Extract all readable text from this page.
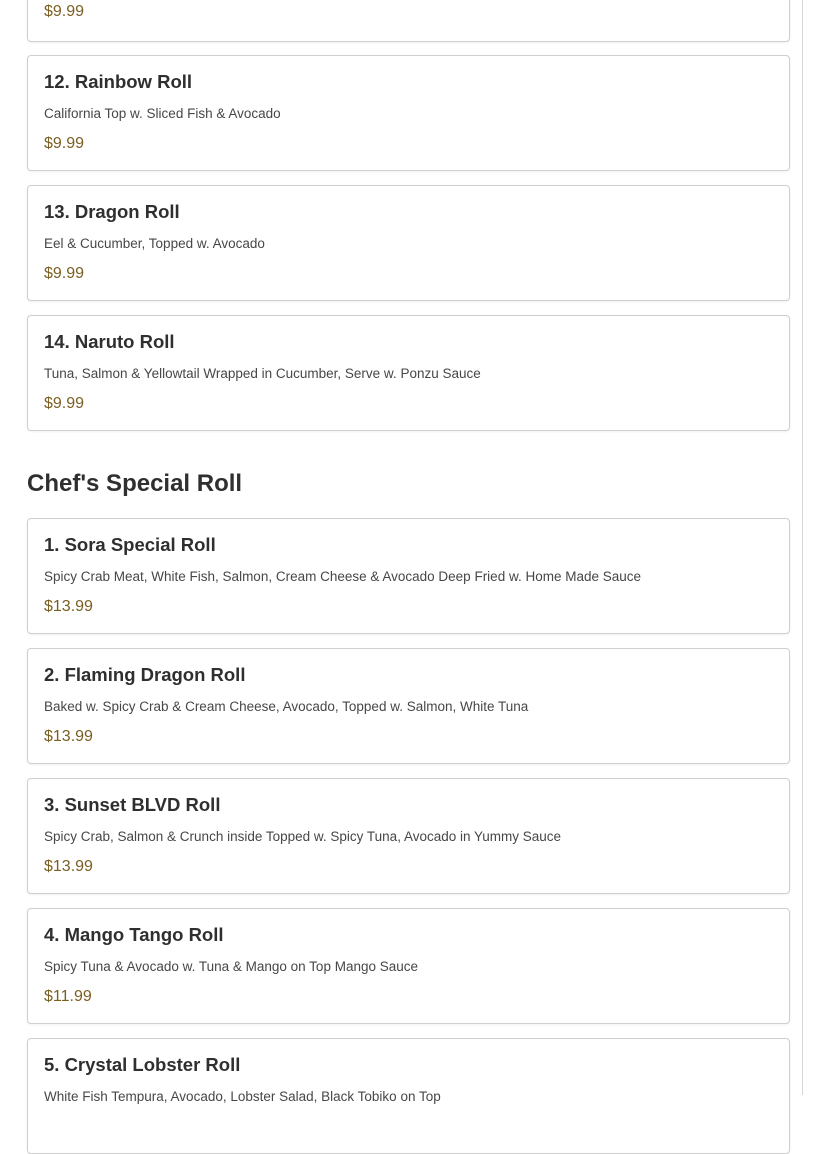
$9.99
12. Rainbow Roll
California Top w. Sliced Fish & Avocado
$9.99
13. Dragon Roll
Eel & Cucumber, Topped w. Avocado
$9.99
14. Naruto Roll
Tuna, Salmon & Yellowtail Wrapped in Cucumber, Serve w. Ponzu Sauce
$9.99
Chef's Special Roll
1. Sora Special Roll
Spicy Crab Meat, White Fish, Salmon, Cream Cheese & Avocado Deep Fried w. Home Made Sauce
$13.99
2. Flaming Dragon Roll
Baked w. Spicy Crab & Cream Cheese, Avocado, Topped w. Salmon, White Tuna
$13.99
3. Sunset BLVD Roll
Spicy Crab, Salmon & Crunch inside Topped w. Spicy Tuna, Avocado in Yummy Sauce
$13.99
4. Mango Tango Roll
Spicy Tuna & Avocado w. Tuna & Mango on Top Mango Sauce
$11.99
5. Crystal Lobster Roll
White Fish Tempura, Avocado, Lobster Salad, Black Tobiko on Top
